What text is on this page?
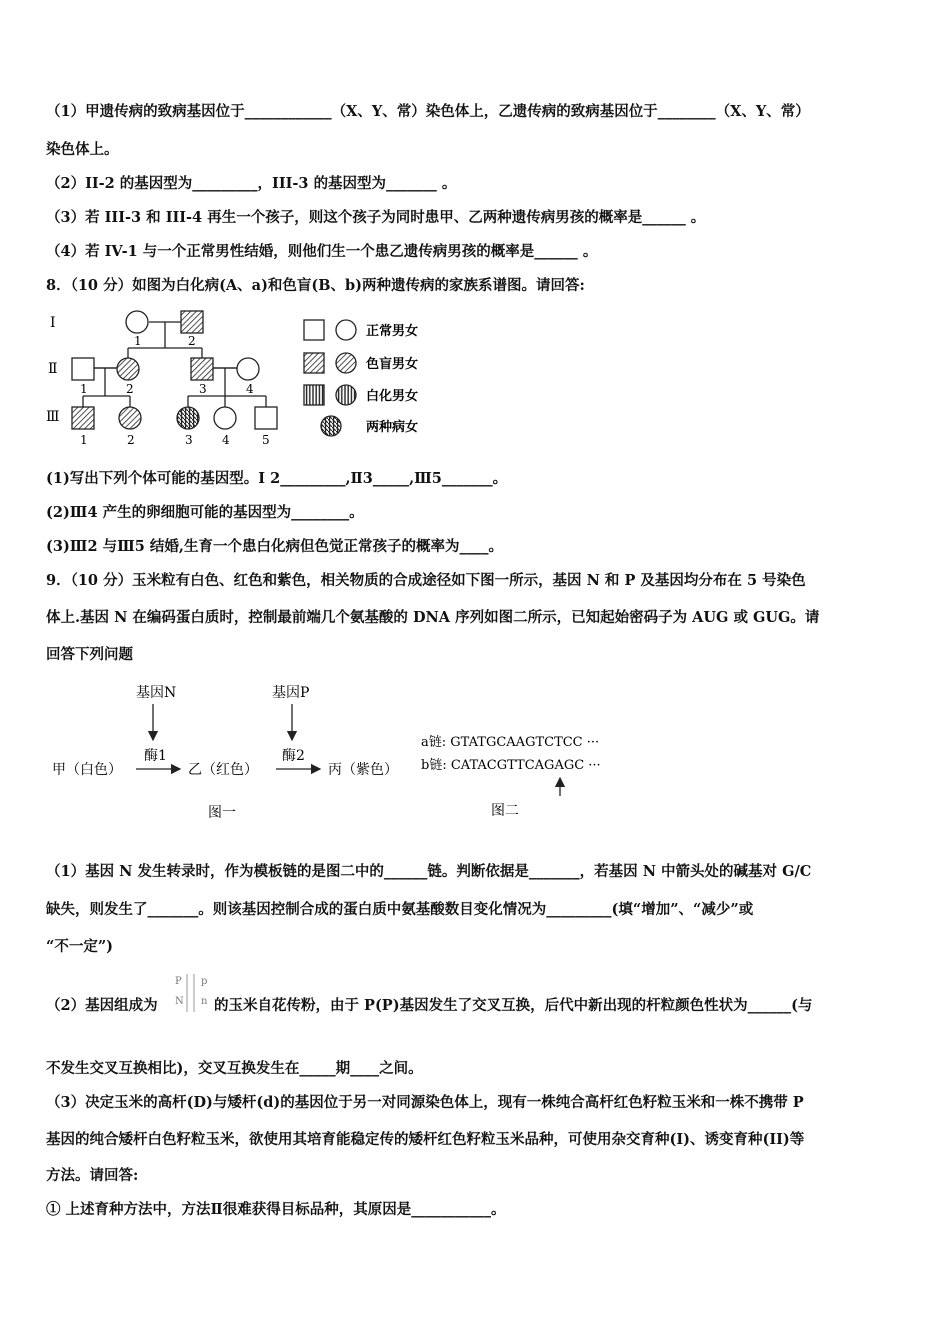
（1）甲遗传病的致病基因位于____________（X、Y、常）染色体上，乙遗传病的致病基因位于________（X、Y、常）
染色体上。
（2）II-2 的基因型为_________，III-3 的基因型为_______ 。
（3）若 III-3 和 III-4 再生一个孩子，则这个孩子为同时患甲、乙两种遗传病男孩的概率是______ 。
（4）若 IV-1 与一个正常男性结婚，则他们生一个患乙遗传病男孩的概率是______ 。
8．（10 分）如图为白化病(A、a)和色盲(B、b)两种遗传病的家族系谱图。请回答:
Ⅰ
Ⅱ
Ⅲ
1	2
1	2	3	4
1	2	3 4	5
正常男女
色盲男女
白化男女
两种病女
(1)写出下列个体可能的基因型。Ⅰ 2_________,Ⅱ3_____,Ⅲ5_______。
(2)Ⅲ4 产生的卵细胞可能的基因型为________。
(3)Ⅲ2 与Ⅲ5 结婚,生育一个患白化病但色觉正常孩子的概率为____。
9．（10 分）玉米粒有白色、红色和紫色，相关物质的合成途径如下图一所示，基因 N 和 P 及基因均分布在 5 号染色
体上.基因 N 在编码蛋白质时，控制最前端几个氨基酸的 DNA 序列如图二所示，已知起始密码子为 AUG 或 GUG。请
回答下列问题
基因N	基因P
酶1	酶2
甲（白色）	乙（红色）	丙（紫色）
图一
a链: GTATGCAAGTCTCC ···
b链: CATACGTTCAGAGC ···
图二
（1）基因 N 发生转录时，作为模板链的是图二中的______链。判断依据是_______，若基因 N 中箭头处的碱基对 G/C
缺失，则发生了_______。则该基因控制合成的蛋白质中氨基酸数目变化情况为_________(填“增加”、“减少”或
“不一定”)
（2）基因组成为
P
N
p
n 的玉米自花传粉，由于 P(P)基因发生了交叉互换，后代中新出现的杆粒颜色性状为______(与
不发生交叉互换相比)，交叉互换发生在_____期____之间。
（3）决定玉米的高杆(D)与矮杆(d)的基因位于另一对同源染色体上，现有一株纯合高杆红色籽粒玉米和一株不携带 P
基因的纯合矮杆白色籽粒玉米，欲使用其培育能稳定传的矮杆红色籽粒玉米品种，可使用杂交育种(I)、诱变育种(II)等
方法。请回答:
① 上述育种方法中，方法Ⅱ很难获得目标品种，其原因是___________。
